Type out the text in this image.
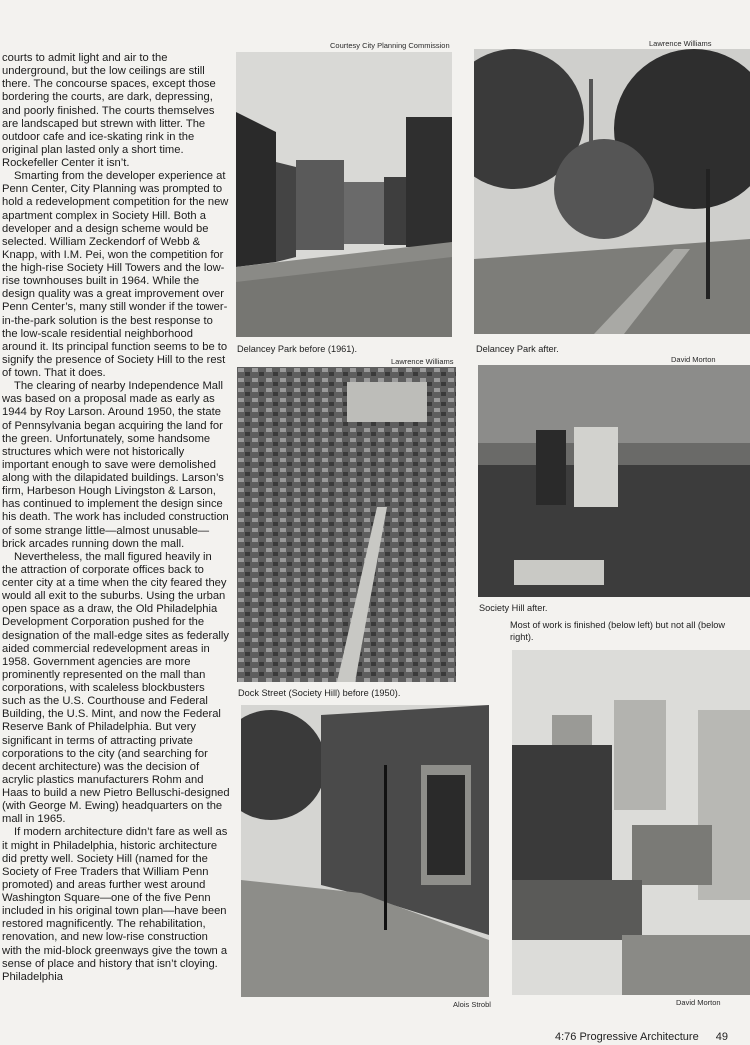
courts to admit light and air to the underground, but the low ceilings are still there. The concourse spaces, except those bordering the courts, are dark, depressing, and poorly finished. The courts themselves are landscaped but strewn with litter. The outdoor cafe and ice-skating rink in the original plan lasted only a short time. Rockefeller Center it isn’t.

Smarting from the developer experience at Penn Center, City Planning was prompted to hold a redevelopment competition for the new apartment complex in Society Hill. Both a developer and a design scheme would be selected. William Zeckendorf of Webb & Knapp, with I.M. Pei, won the competition for the high-rise Society Hill Towers and the low-rise townhouses built in 1964. While the design quality was a great improvement over Penn Center’s, many still wonder if the tower-in-the-park solution is the best response to the low-scale residential neighborhood around it. Its principal function seems to be to signify the presence of Society Hill to the rest of town. That it does.

The clearing of nearby Independence Mall was based on a proposal made as early as 1944 by Roy Larson. Around 1950, the state of Pennsylvania began acquiring the land for the green. Unfortunately, some handsome structures which were not historically important enough to save were demolished along with the dilapidated buildings. Larson’s firm, Harbeson Hough Livingston & Larson, has continued to implement the design since his death. The work has included construction of some strange little—almost unusable—brick arcades running down the mall.

Nevertheless, the mall figured heavily in the attraction of corporate offices back to center city at a time when the city feared they would all exit to the suburbs. Using the urban open space as a draw, the Old Philadelphia Development Corporation pushed for the designation of the mall-edge sites as federally aided commercial redevelopment areas in 1958. Government agencies are more prominently represented on the mall than corporations, with scaleless blockbusters such as the U.S. Courthouse and Federal Building, the U.S. Mint, and now the Federal Reserve Bank of Philadelphia. But very significant in terms of attracting private corporations to the city (and searching for decent architecture) was the decision of acrylic plastics manufacturers Rohm and Haas to build a new Pietro Belluschi-designed (with George M. Ewing) headquarters on the mall in 1965.

If modern architecture didn’t fare as well as it might in Philadelphia, historic architecture did pretty well. Society Hill (named for the Society of Free Traders that William Penn promoted) and areas further west around Washington Square—one of the five Penn included in his original town plan—have been restored magnificently. The rehabilitation, renovation, and new low-rise construction with the mid-block greenways give the town a sense of place and history that isn’t cloying. Philadelphia

Courtesy City Planning Commission
Delancey Park before (1961).
Lawrence Williams
Delancey Park after.
Lawrence Williams
Dock Street (Society Hill) before (1950).
David Morton
Society Hill after.
Most of work is finished (below left) but not all (below right).
Alois Strobl	David Morton
4:76 Progressive Architecture 49
